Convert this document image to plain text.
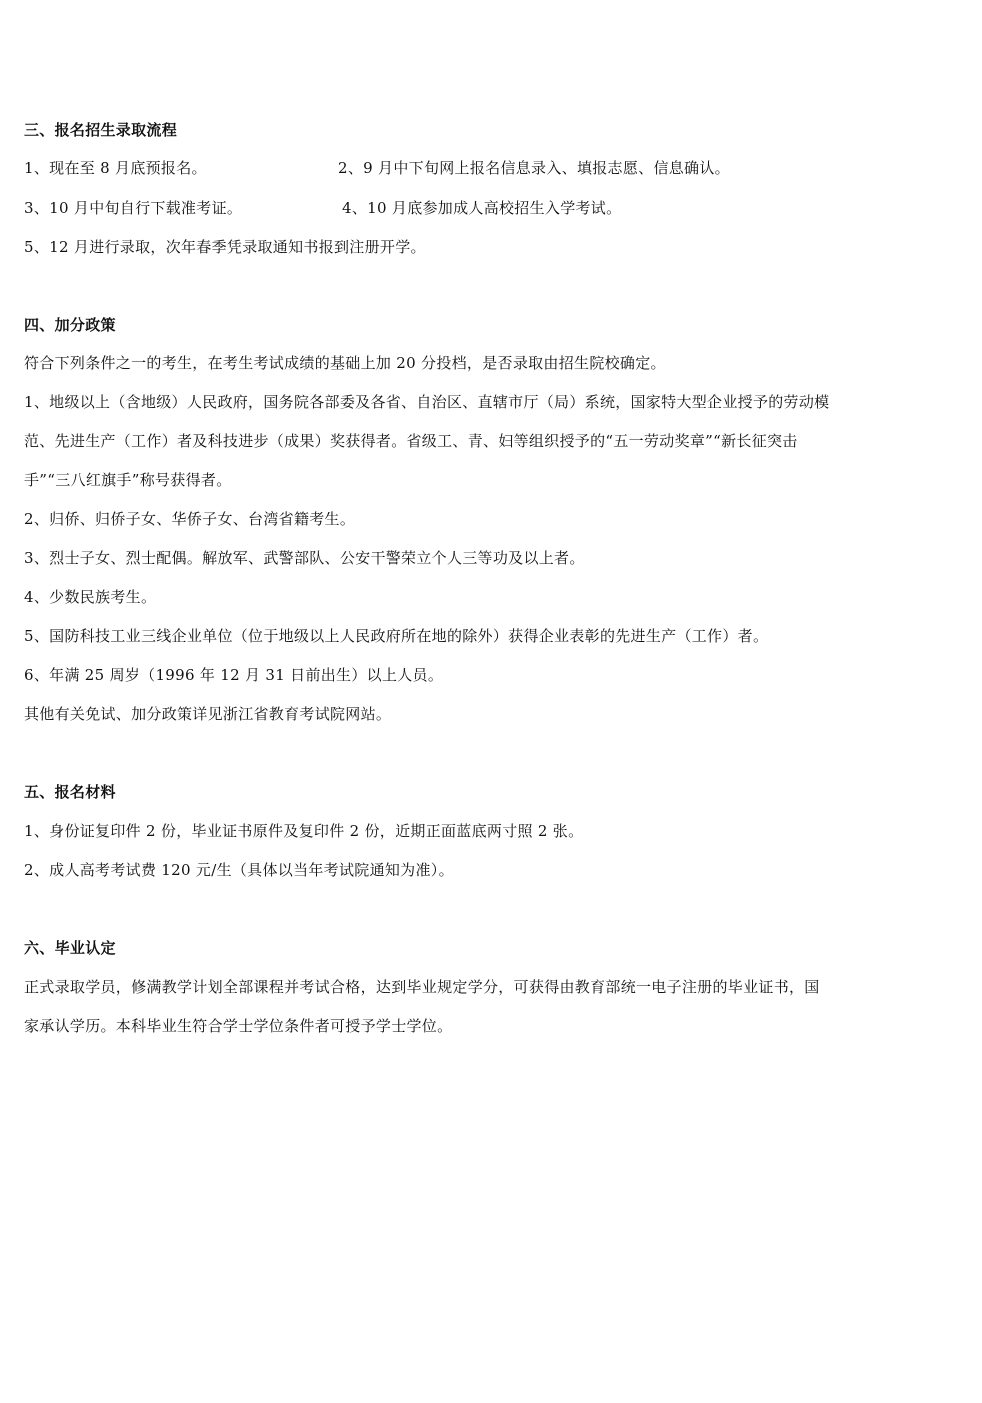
三、报名招生录取流程
1、现在至 8 月底预报名。	2、9 月中下旬网上报名信息录入、填报志愿、信息确认。
3、10 月中旬自行下载准考证。	4、10 月底参加成人高校招生入学考试。
5、12 月进行录取，次年春季凭录取通知书报到注册开学。
四、加分政策
符合下列条件之一的考生，在考生考试成绩的基础上加 20 分投档，是否录取由招生院校确定。
1、地级以上（含地级）人民政府，国务院各部委及各省、自治区、直辖市厅（局）系统，国家特大型企业授予的劳动模
范、先进生产（工作）者及科技进步（成果）奖获得者。省级工、青、妇等组织授予的“五一劳动奖章”“新长征突击
手”“三八红旗手”称号获得者。
2、归侨、归侨子女、华侨子女、台湾省籍考生。
3、烈士子女、烈士配偶。解放军、武警部队、公安干警荣立个人三等功及以上者。
4、少数民族考生。
5、国防科技工业三线企业单位（位于地级以上人民政府所在地的除外）获得企业表彰的先进生产（工作）者。
6、年满 25 周岁（1996 年 12 月 31 日前出生）以上人员。
其他有关免试、加分政策详见浙江省教育考试院网站。
五、报名材料
1、身份证复印件 2 份，毕业证书原件及复印件 2 份，近期正面蓝底两寸照 2 张。
2、成人高考考试费 120 元/生（具体以当年考试院通知为准）。
六、毕业认定
正式录取学员，修满教学计划全部课程并考试合格，达到毕业规定学分，可获得由教育部统一电子注册的毕业证书，国
家承认学历。本科毕业生符合学士学位条件者可授予学士学位。
